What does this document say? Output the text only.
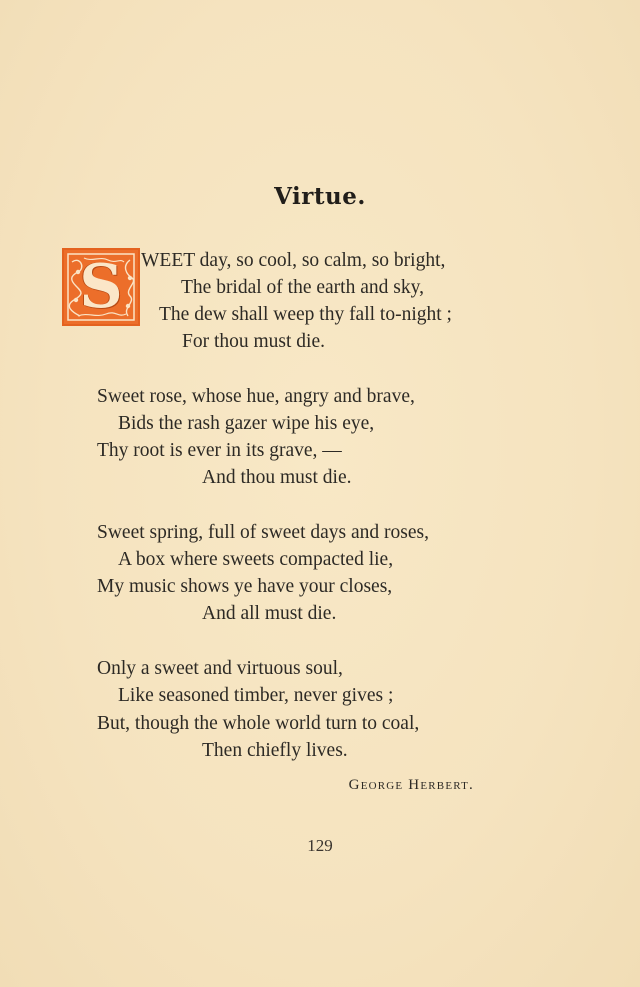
Virtue.
S WEET day, so cool, so calm, so bright,
The bridal of the earth and sky,
The dew shall weep thy fall to-night ;
For thou must die.
Sweet rose, whose hue, angry and brave,
Bids the rash gazer wipe his eye,
Thy root is ever in its grave, —
And thou must die.
Sweet spring, full of sweet days and roses,
A box where sweets compacted lie,
My music shows ye have your closes,
And all must die.
Only a sweet and virtuous soul,
Like seasoned timber, never gives ;
But, though the whole world turn to coal,
Then chiefly lives.
George Herbert.
129
